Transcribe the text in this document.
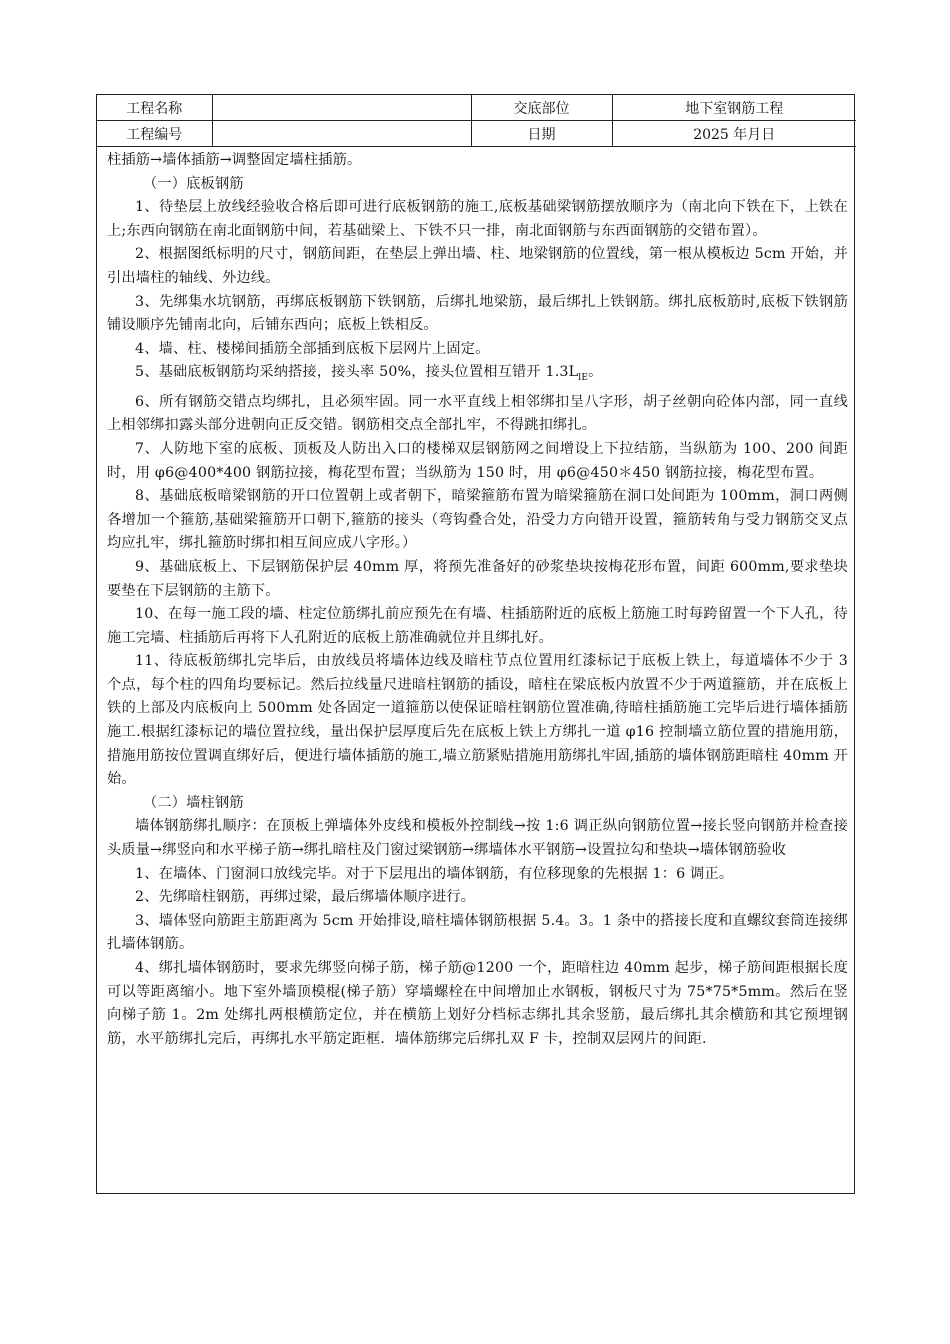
工程名称		交底部位	地下室钢筋工程
工程编号		日期	2025 年月日

柱插筋→墙体插筋→调整固定墙柱插筋。

（一）底板钢筋

1、待垫层上放线经验收合格后即可进行底板钢筋的施工,底板基础梁钢筋摆放顺序为（南北向下铁在下，上铁在上;东西向钢筋在南北面钢筋中间，若基础梁上、下铁不只一排，南北面钢筋与东西面钢筋的交错布置）。

2、根据图纸标明的尺寸，钢筋间距，在垫层上弹出墙、柱、地梁钢筋的位置线，第一根从模板边 5cm 开始，并引出墙柱的轴线、外边线。

3、先绑集水坑钢筋，再绑底板钢筋下铁钢筋，后绑扎地梁筋，最后绑扎上铁钢筋。绑扎底板筋时,底板下铁钢筋铺设顺序先铺南北向，后铺东西向；底板上铁相反。

4、墙、柱、楼梯间插筋全部插到底板下层网片上固定。

5、基础底板钢筋均采纳搭接，接头率 50%，接头位置相互错开 $1.3L_{lE}$。

6、所有钢筋交错点均绑扎，且必须牢固。同一水平直线上相邻绑扣呈八字形，胡子丝朝向砼体内部，同一直线上相邻绑扣露头部分进朝向正反交错。钢筋相交点全部扎牢，不得跳扣绑扎。

7、人防地下室的底板、顶板及人防出入口的楼梯双层钢筋网之间增设上下拉结筋，当纵筋为 100、200 间距时，用 φ6@400*400 钢筋拉接，梅花型布置；当纵筋为 150 时，用 φ6@450＊450 钢筋拉接，梅花型布置。

8、基础底板暗梁钢筋的开口位置朝上或者朝下，暗梁箍筋布置为暗梁箍筋在洞口处间距为 100mm，洞口两侧各增加一个箍筋,基础梁箍筋开口朝下,箍筋的接头（弯钩叠合处，沿受力方向错开设置，箍筋转角与受力钢筋交叉点均应扎牢，绑扎箍筋时绑扣相互间应成八字形。）

9、基础底板上、下层钢筋保护层 40mm 厚，将预先准备好的砂浆垫块按梅花形布置，间距 600mm,要求垫块要垫在下层钢筋的主筋下。

10、在每一施工段的墙、柱定位筋绑扎前应预先在有墙、柱插筋附近的底板上筋施工时每跨留置一个下人孔，待施工完墙、柱插筋后再将下人孔附近的底板上筋准确就位并且绑扎好。

11、待底板筋绑扎完毕后，由放线员将墙体边线及暗柱节点位置用红漆标记于底板上铁上，每道墙体不少于 3 个点，每个柱的四角均要标记。然后拉线量尺进暗柱钢筋的插设，暗柱在梁底板内放置不少于两道箍筋，并在底板上铁的上部及内底板向上 500mm 处各固定一道箍筋以使保证暗柱钢筋位置准确,待暗柱插筋施工完毕后进行墙体插筋施工.根据红漆标记的墙位置拉线，量出保护层厚度后先在底板上铁上方绑扎一道 φ16 控制墙立筋位置的措施用筋，措施用筋按位置调直绑好后，便进行墙体插筋的施工,墙立筋紧贴措施用筋绑扎牢固,插筋的墙体钢筋距暗柱 40mm 开始。

（二）墙柱钢筋

墙体钢筋绑扎顺序：在顶板上弹墙体外皮线和模板外控制线→按 1:6 调正纵向钢筋位置→接长竖向钢筋并检查接头质量→绑竖向和水平梯子筋→绑扎暗柱及门窗过梁钢筋→绑墙体水平钢筋→设置拉勾和垫块→墙体钢筋验收

1、在墙体、门窗洞口放线完毕。对于下层甩出的墙体钢筋，有位移现象的先根据 1：6 调正。

2、先绑暗柱钢筋，再绑过梁，最后绑墙体顺序进行。

3、墙体竖向筋距主筋距离为 5cm 开始排设,暗柱墙体钢筋根据 5.4。3。1 条中的搭接长度和直螺纹套筒连接绑扎墙体钢筋。

4、绑扎墙体钢筋时，要求先绑竖向梯子筋，梯子筋@1200 一个，距暗柱边 40mm 起步，梯子筋间距根据长度可以等距离缩小。地下室外墙顶模棍(梯子筋）穿墙螺栓在中间增加止水钢板，钢板尺寸为 75*75*5mm。然后在竖向梯子筋 1。2m 处绑扎两根横筋定位，并在横筋上划好分档标志绑扎其余竖筋，最后绑扎其余横筋和其它预埋钢筋，水平筋绑扎完后，再绑扎水平筋定距框．墙体筋绑完后绑扎双 F 卡，控制双层网片的间距.
